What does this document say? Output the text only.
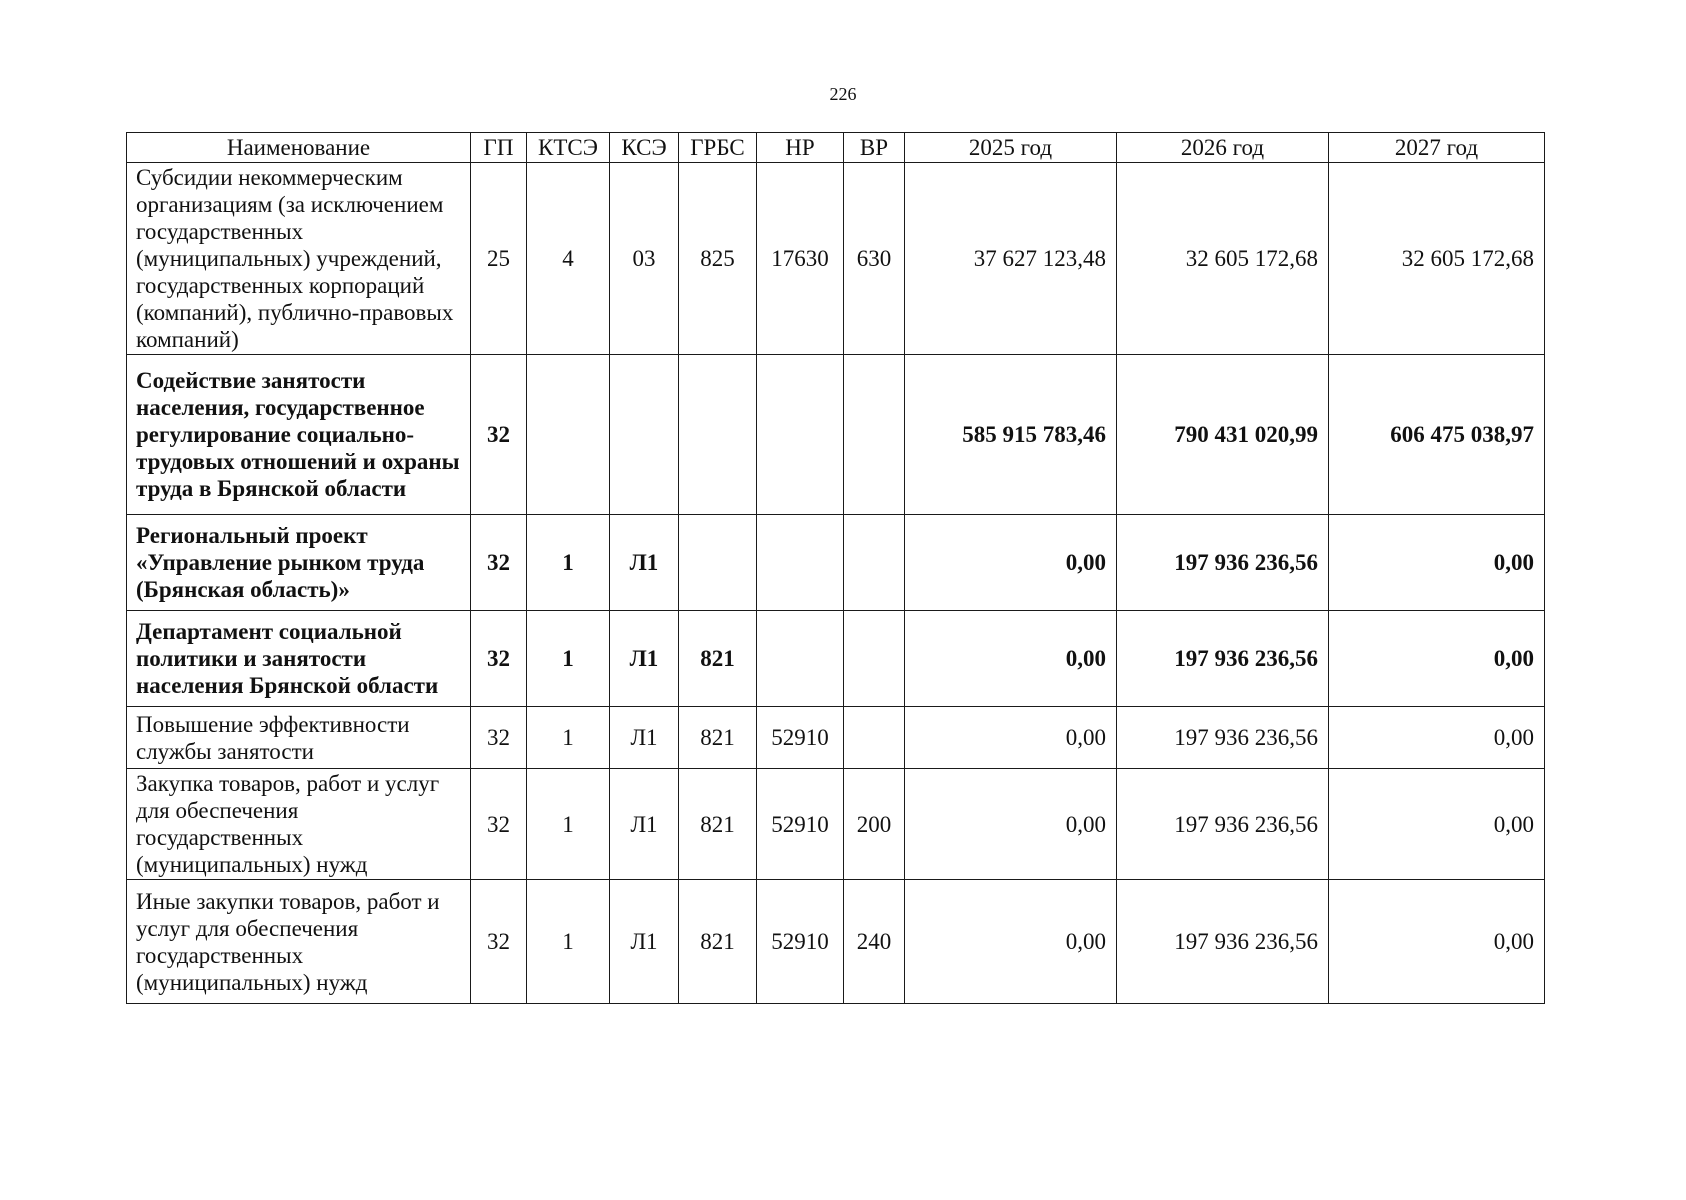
226
Наименование	ГП	КТСЭ	КСЭ	ГРБС	НР	ВР	2025 год	2026 год	2027 год
Субсидии некоммерческим организациям (за исключением государственных (муниципальных) учреждений, государственных корпораций (компаний), публично-правовых компаний)	25	4	03	825	17630	630	37 627 123,48	32 605 172,68	32 605 172,68
Содействие занятости населения, государственное регулирование социально-трудовых отношений и охраны труда в Брянской области	32						585 915 783,46	790 431 020,99	606 475 038,97
Региональный проект «Управление рынком труда (Брянская область)»	32	1	Л1				0,00	197 936 236,56	0,00
Департамент социальной политики и занятости населения Брянской области	32	1	Л1	821			0,00	197 936 236,56	0,00
Повышение эффективности службы занятости	32	1	Л1	821	52910		0,00	197 936 236,56	0,00
Закупка товаров, работ и услуг для обеспечения государственных (муниципальных) нужд	32	1	Л1	821	52910	200	0,00	197 936 236,56	0,00
Иные закупки товаров, работ и услуг для обеспечения государственных (муниципальных) нужд	32	1	Л1	821	52910	240	0,00	197 936 236,56	0,00
